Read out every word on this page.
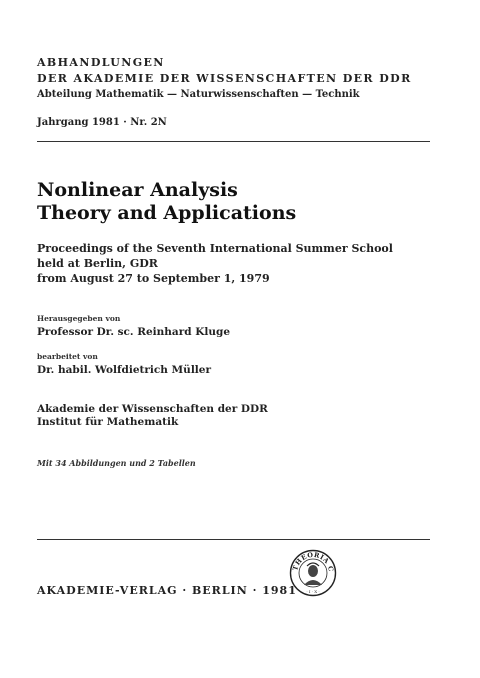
ABHANDLUNGEN
DER AKADEMIE DER WISSENSCHAFTEN DER DDR
Abteilung Mathematik — Naturwissenschaften — Technik
Jahrgang 1981 · Nr. 2N
Nonlinear Analysis
Theory and Applications
Proceedings of the Seventh International Summer School
held at Berlin, GDR
from August 27 to September 1, 1979
Herausgegeben von
Professor Dr. sc. Reinhard Kluge
bearbeitet von
Dr. habil. Wolfdietrich Müller
Akademie der Wissenschaften der DDR
Institut für Mathematik
Mit 34 Abbildungen und 2 Tabellen
THEORIA C
· I · X ·
AKADEMIE-VERLAG · BERLIN · 1981
